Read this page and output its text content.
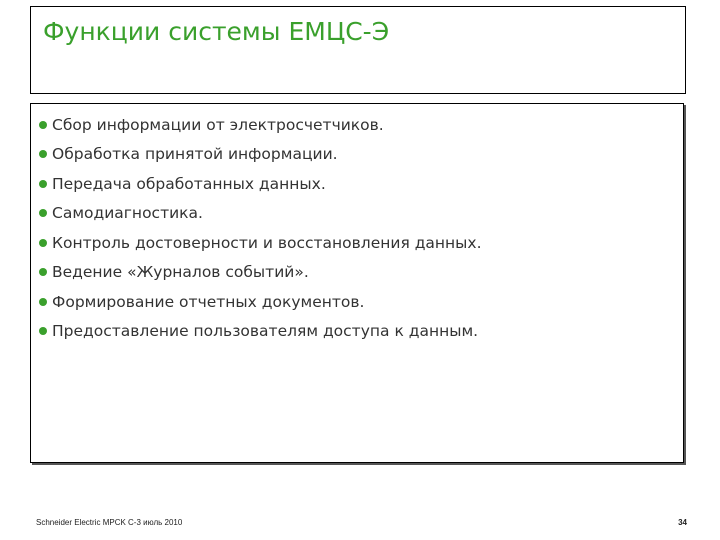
Функции системы ЕМЦС-Э
Сбор информации от электросчетчиков.
Обработка принятой информации.
Передача обработанных данных.
Самодиагностика.
Контроль достоверности и восстановления данных.
Ведение «Журналов событий».
Формирование отчетных документов.
Предоставление пользователям доступа к данным.
Schneider Electric MPCK C-3 июль 2010	34
